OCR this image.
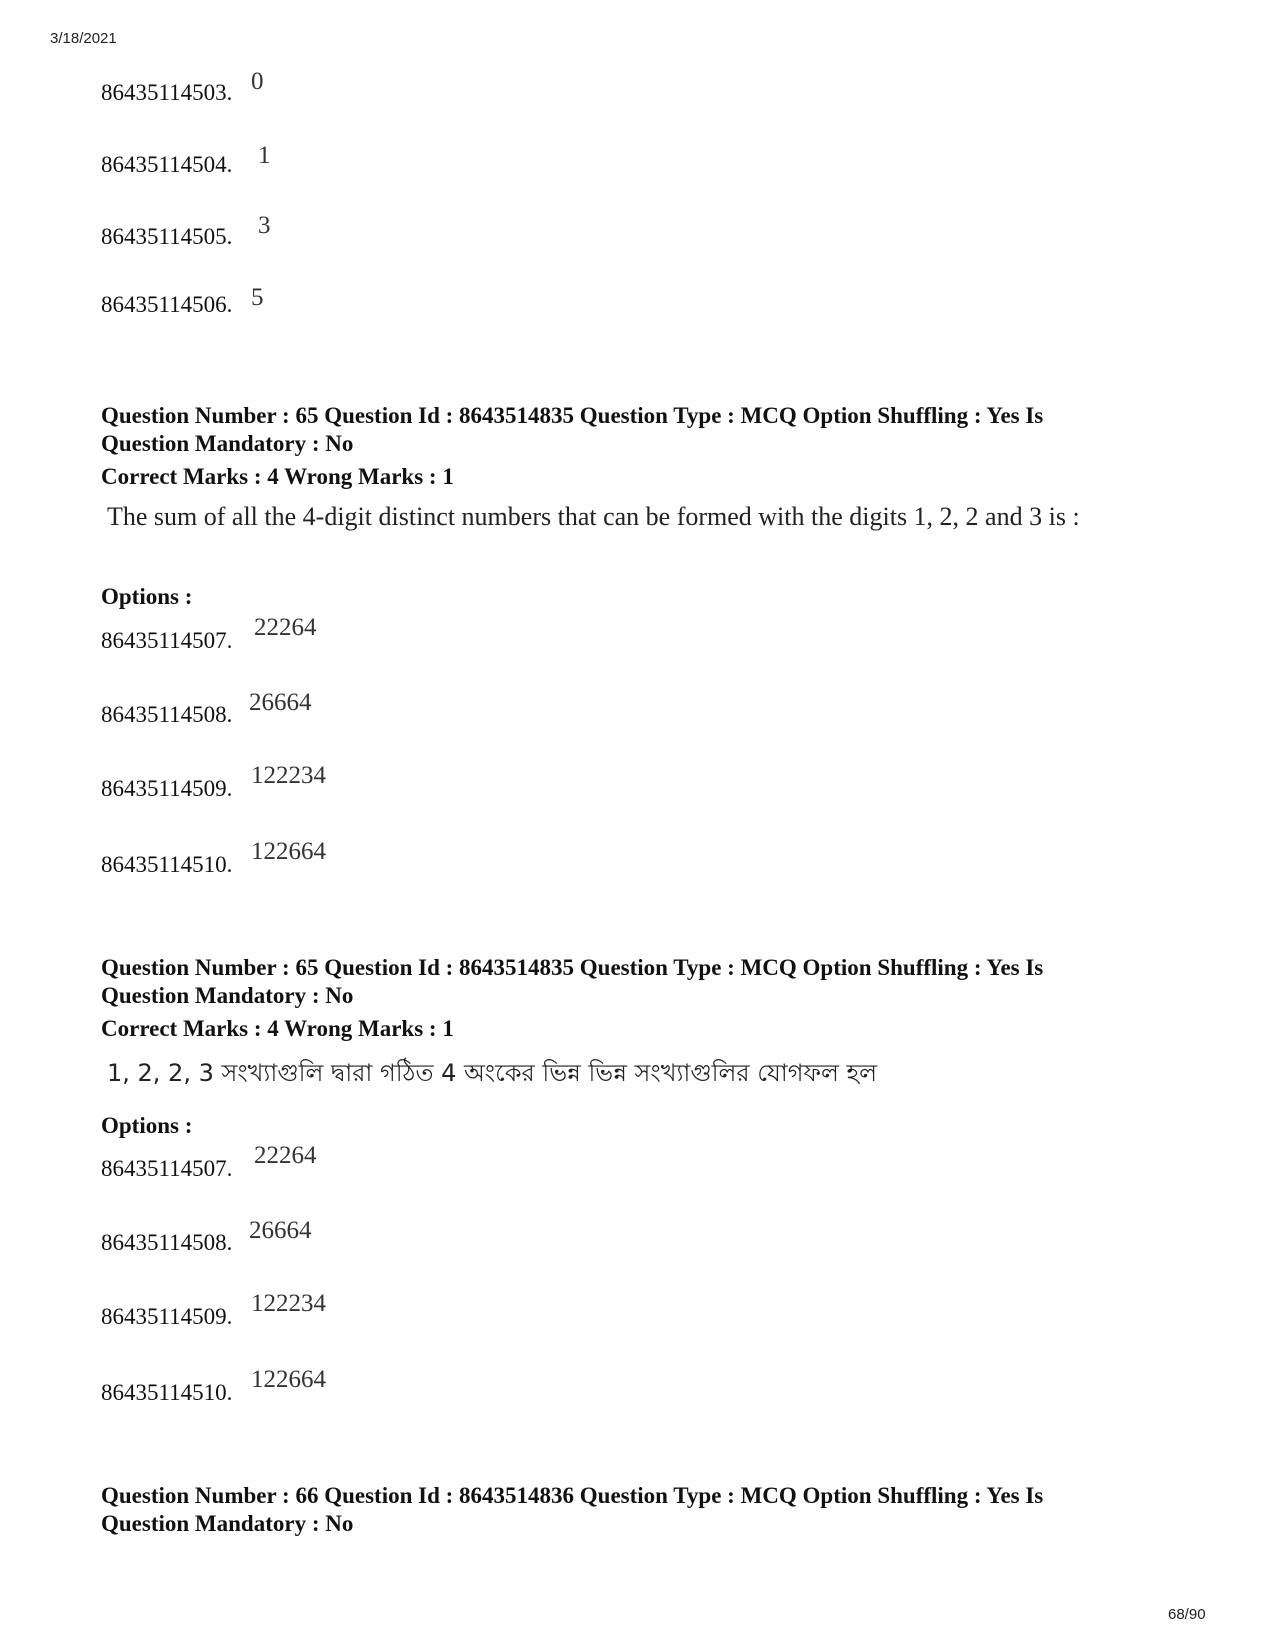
3/18/2021
86435114503. 0
86435114504. 1
86435114505. 3
86435114506. 5
Question Number : 65 Question Id : 8643514835 Question Type : MCQ Option Shuffling : Yes Is
Question Mandatory : No
Correct Marks : 4 Wrong Marks : 1
The sum of all the 4-digit distinct numbers that can be formed with the digits 1, 2, 2 and 3 is :
Options :
86435114507. 22264
86435114508. 26664
86435114509. 122234
86435114510. 122664
Question Number : 65 Question Id : 8643514835 Question Type : MCQ Option Shuffling : Yes Is
Question Mandatory : No
Correct Marks : 4 Wrong Marks : 1
1, 2, 2, 3 সংখ্যাগুলি দ্বারা গঠিত 4 অংকের ভিন্ন ভিন্ন সংখ্যাগুলির যোগফল হল
Options :
86435114507. 22264
86435114508. 26664
86435114509. 122234
86435114510. 122664
Question Number : 66 Question Id : 8643514836 Question Type : MCQ Option Shuffling : Yes Is
Question Mandatory : No
68/90
